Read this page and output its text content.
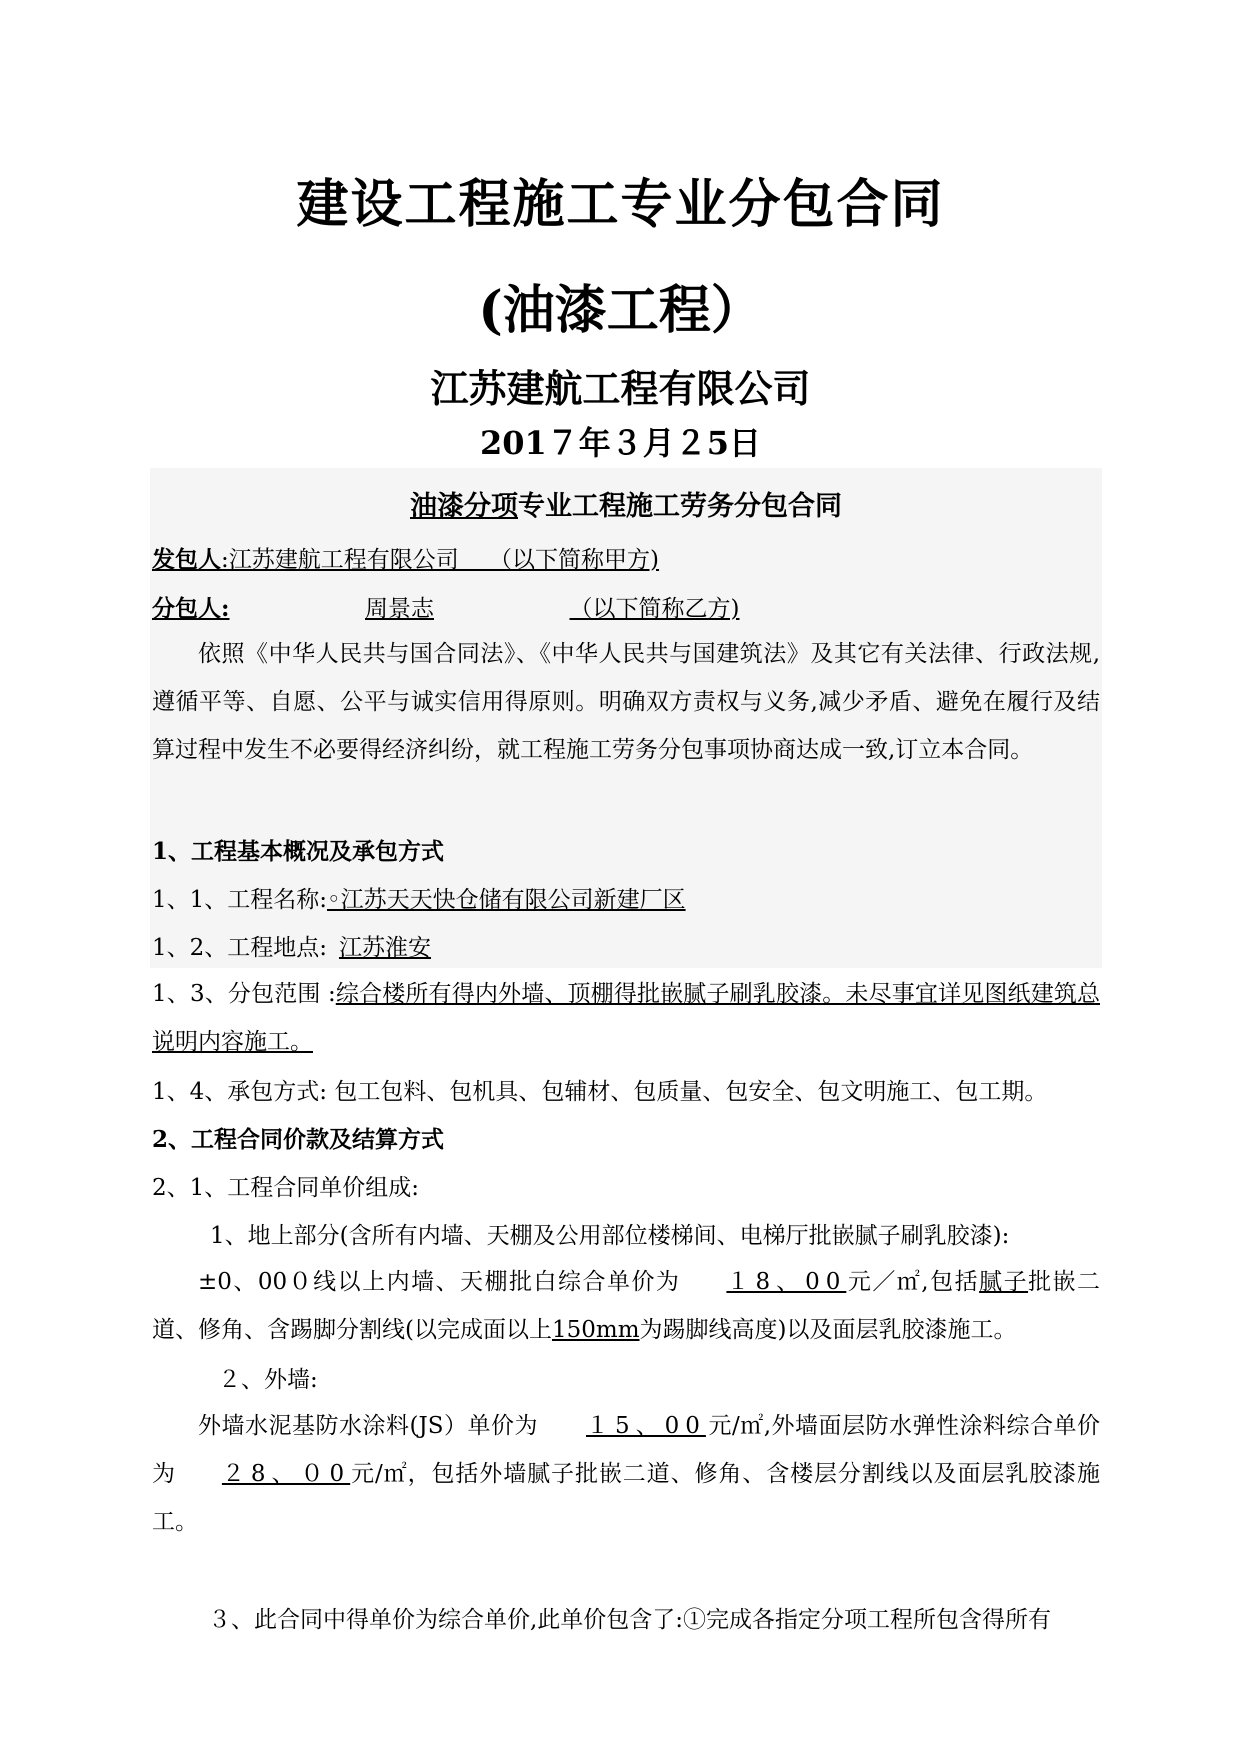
建设工程施工专业分包合同
(油漆工程）
江苏建航工程有限公司
201７年３月２5日
油漆分项专业工程施工劳务分包合同
发包人:江苏建航工程有限公司　 （以下简称甲方)
分包人:	周景志	（以下简称乙方)

依照《中华人民共与国合同法》、《中华人民共与国建筑法》及其它有关法律、行政法规,遵循平等、自愿、公平与诚实信用得原则。明确双方责权与义务,减少矛盾、避免在履行及结算过程中发生不必要得经济纠纷，就工程施工劳务分包事项协商达成一致,订立本合同。

1、工程基本概况及承包方式
1、1、工程名称:◦江苏天天快仓储有限公司新建厂区
1、2、工程地点: 江苏淮安

1、3、分包范围 :综合楼所有得内外墙、顶棚得批嵌腻子刷乳胶漆。未尽事宜详见图纸建筑总说明内容施工。

1、4、承包方式: 包工包料、包机具、包辅材、包质量、包安全、包文明施工、包工期。
2、工程合同价款及结算方式
2、1、工程合同单价组成:
1、地上部分(含所有内墙、天棚及公用部位楼梯间、电梯厅批嵌腻子刷乳胶漆):

±0、00０线以上内墙、天棚批白综合单价为 １8、00元／㎡,包括腻子批嵌二道、修角、含踢脚分割线(以完成面以上150mm为踢脚线高度)以及面层乳胶漆施工。

２、外墙:

外墙水泥基防水涂料(JS）单价为 １5、00元/㎡,外墙面层防水弹性涂料综合单价为 ２8、０0元/㎡，包括外墙腻子批嵌二道、修角、含楼层分割线以及面层乳胶漆施工。

３、此合同中得单价为综合单价,此单价包含了:①完成各指定分项工程所包含得所有
